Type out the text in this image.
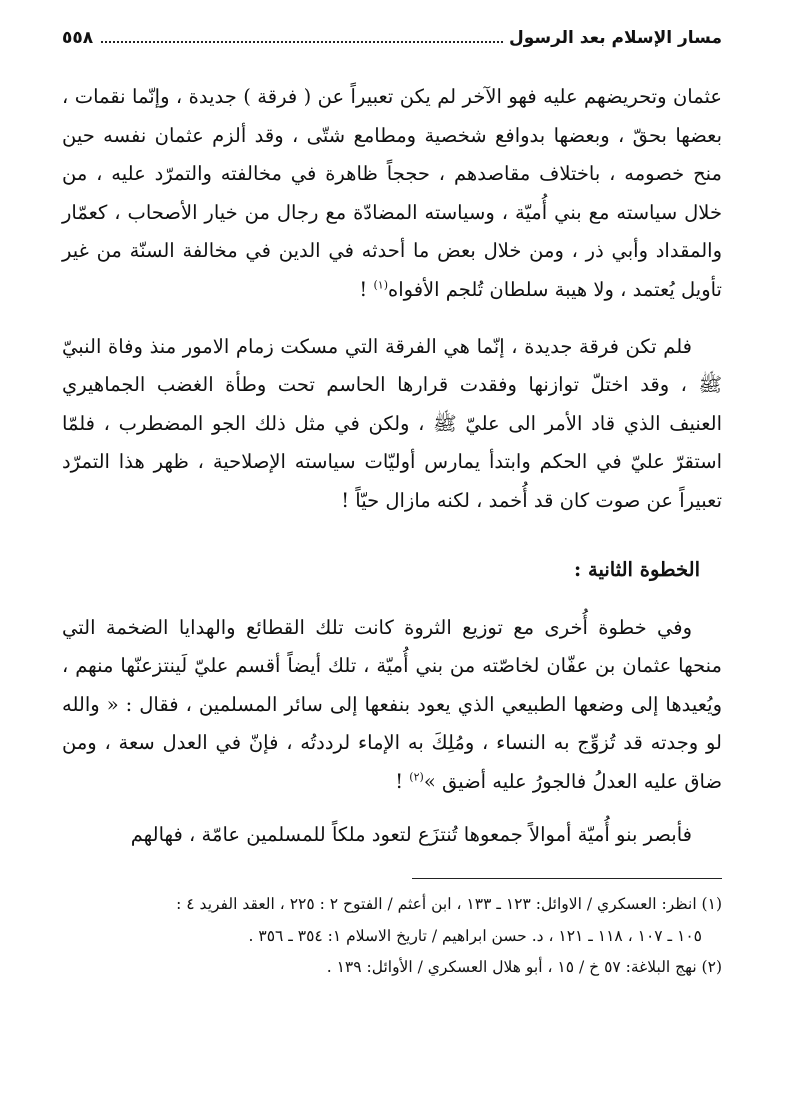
٥٥٨	مسار الإسلام بعد الرسول

عثمان وتحريضهم عليه فهو الآخر لم يكن تعبيراً عن ( فرقة ) جديدة ، وإنّما نقمات ، بعضها بحقّ ، وبعضها بدوافع شخصية ومطامع شتّى ، وقد ألزم عثمان نفسه حين منح خصومه ، باختلاف مقاصدهم ، حججاً ظاهرة في مخالفته والتمرّد عليه ، من خلال سياسته مع بني أُميّة ، وسياسته المضادّة مع رجال من خيار الأصحاب ، كعمّار والمقداد وأبي ذر ، ومن خلال بعض ما أحدثه في الدين في مخالفة السنّة من غير تأويل يُعتمد ، ولا هيبة سلطان تُلجم الأفواه$^{(١)}$ !

فلم تكن فرقة جديدة ، إنّما هي الفرقة التي مسكت زمام الامور منذ وفاة النبيّ ﷺ ، وقد اختلّ توازنها وفقدت قرارها الحاسم تحت وطأة الغضب الجماهيري العنيف الذي قاد الأمر الى عليّ ﷺ ، ولكن في مثل ذلك الجو المضطرب ، فلمّا استقرّ عليّ في الحكم وابتدأ يمارس أوليّات سياسته الإصلاحية ، ظهر هذا التمرّد تعبيراً عن صوت كان قد أُخمد ، لكنه مازال حيّاً !

الخطوة الثانية :

وفي خطوة أُخرى مع توزيع الثروة كانت تلك القطائع والهدايا الضخمة التي منحها عثمان بن عفّان لخاصّته من بني أُميّة ، تلك أيضاً أقسم عليّ لَينتزعنّها منهم ، ويُعيدها إلى وضعها الطبيعي الذي يعود بنفعها إلى سائر المسلمين ، فقال : « والله لو وجدته قد تُزوِّج به النساء ، ومُلِكَ به الإماء لرددتُه ، فإنّ في العدل سعة ، ومن ضاق عليه العدلُ فالجورُ عليه أضيق »$^{(٢)}$ !

فأبصر بنو أُميّة أموالاً جمعوها تُنتزَع لتعود ملكاً للمسلمين عامّة ، فهالهم

(١) انظر: العسكري / الاوائل: ١٢٣ ـ ١٣٣ ، ابن أعثم / الفتوح ٢ : ٢٢٥ ، العقد الفريد ٤ :

١٠٥ ـ ١٠٧ ، ١١٨ ـ ١٢١ ، د. حسن ابراهيم / تاريخ الاسلام ١: ٣٥٤ ـ ٣٥٦ .

(٢) نهج البلاغة: ٥٧ خ / ١٥ ، أبو هلال العسكري / الأوائل: ١٣٩ .
